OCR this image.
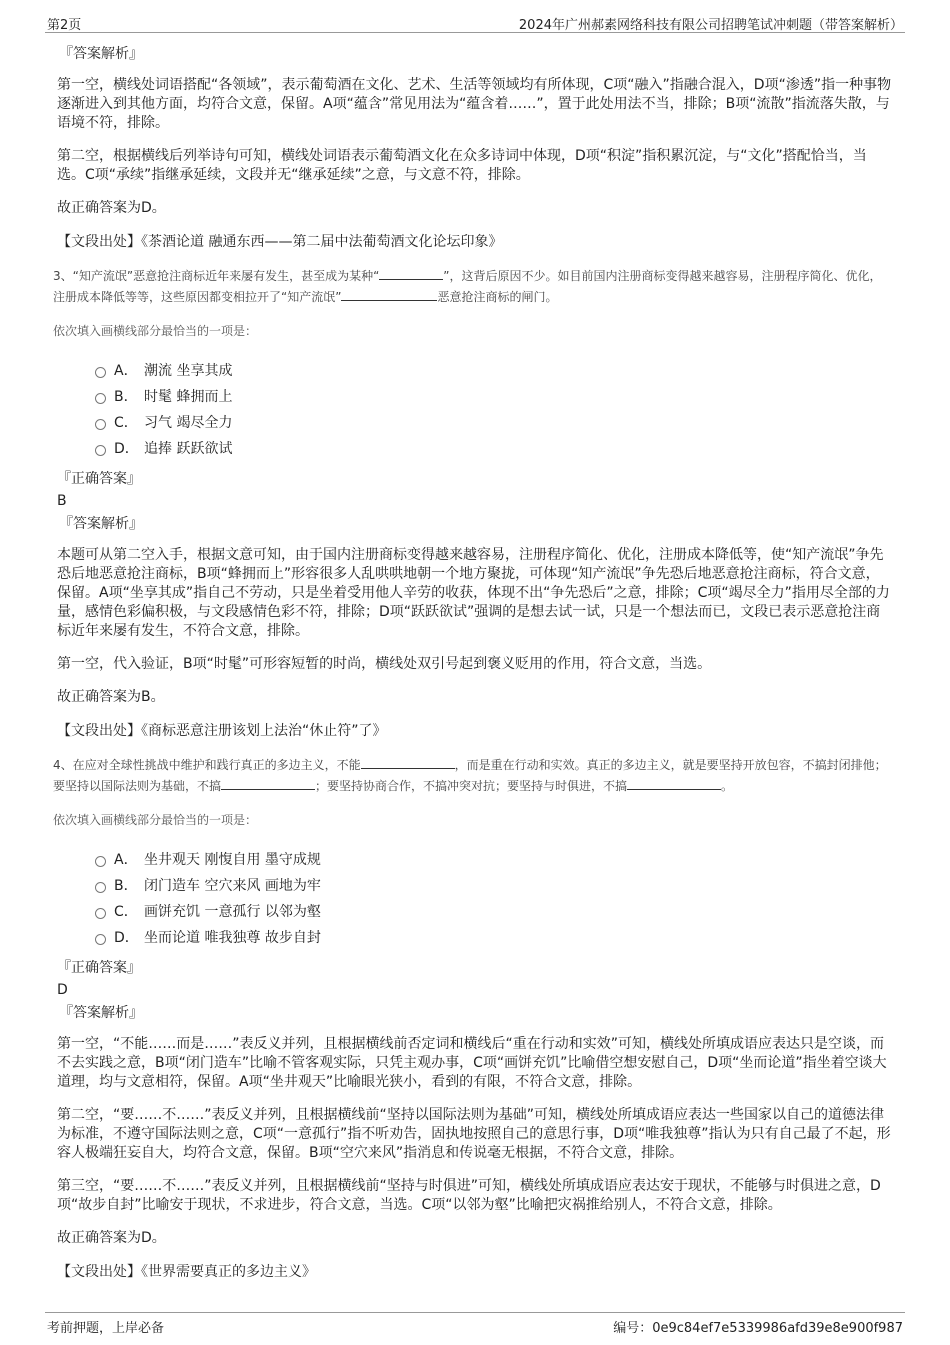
第2页	2024年广州郝素网络科技有限公司招聘笔试冲刺题（带答案解析）
『答案解析』

第一空，横线处词语搭配“各领域”，表示葡萄酒在文化、艺术、生活等领域均有所体现，C项“融入”指融合混入，D项“渗透”指一种事物逐渐进入到其他方面，均符合文意，保留。A项“蕴含”常见用法为“蕴含着……”，置于此处用法不当，排除；B项“流散”指流落失散，与语境不符，排除。

第二空，根据横线后列举诗句可知，横线处词语表示葡萄酒文化在众多诗词中体现，D项“积淀”指积累沉淀，与“文化”搭配恰当，当选。C项“承续”指继承延续，文段并无“继承延续”之意，与文意不符，排除。

故正确答案为D。

【文段出处】《茶酒论道 融通东西——第二届中法葡萄酒文化论坛印象》

3、“知产流氓”恶意抢注商标近年来屡有发生，甚至成为某种“	”，这背后原因不少。如目前国内注册商标变得越来越容易，注册程序简化、优化，注册成本降低等等，这些原因都变相拉开了“知产流氓”	恶意抢注商标的闸门。

依次填入画横线部分最恰当的一项是：

A． 潮流 坐享其成
B． 时髦 蜂拥而上
C． 习气 竭尽全力
D． 追捧 跃跃欲试
『正确答案』
B
『答案解析』

本题可从第二空入手，根据文意可知，由于国内注册商标变得越来越容易，注册程序简化、优化，注册成本降低等，使“知产流氓”争先恐后地恶意抢注商标，B项“蜂拥而上”形容很多人乱哄哄地朝一个地方聚拢，可体现“知产流氓”争先恐后地恶意抢注商标，符合文意，保留。A项“坐享其成”指自己不劳动，只是坐着受用他人辛劳的收获，体现不出“争先恐后”之意，排除；C项“竭尽全力”指用尽全部的力量，感情色彩偏积极，与文段感情色彩不符，排除；D项“跃跃欲试”强调的是想去试一试，只是一个想法而已，文段已表示恶意抢注商标近年来屡有发生，不符合文意，排除。

第一空，代入验证，B项“时髦”可形容短暂的时尚，横线处双引号起到褒义贬用的作用，符合文意，当选。

故正确答案为B。

【文段出处】《商标恶意注册该划上法治“休止符”了》

4、在应对全球性挑战中维护和践行真正的多边主义，不能	，而是重在行动和实效。真正的多边主义，就是要坚持开放包容，不搞封闭排他；要坚持以国际法则为基础，不搞	；要坚持协商合作，不搞冲突对抗；要坚持与时俱进，不搞	。

依次填入画横线部分最恰当的一项是：

A． 坐井观天 刚愎自用 墨守成规
B． 闭门造车 空穴来风 画地为牢
C． 画饼充饥 一意孤行 以邻为壑
D． 坐而论道 唯我独尊 故步自封
『正确答案』
D
『答案解析』

第一空，“不能……而是……”表反义并列，且根据横线前否定词和横线后“重在行动和实效”可知，横线处所填成语应表达只是空谈，而不去实践之意，B项“闭门造车”比喻不管客观实际，只凭主观办事，C项“画饼充饥”比喻借空想安慰自己，D项“坐而论道”指坐着空谈大道理，均与文意相符，保留。A项“坐井观天”比喻眼光狭小，看到的有限，不符合文意，排除。

第二空，“要……不……”表反义并列，且根据横线前“坚持以国际法则为基础”可知，横线处所填成语应表达一些国家以自己的道德法律为标准，不遵守国际法则之意，C项“一意孤行”指不听劝告，固执地按照自己的意思行事，D项“唯我独尊”指认为只有自己最了不起，形容人极端狂妄自大，均符合文意，保留。B项“空穴来风”指消息和传说毫无根据，不符合文意，排除。

第三空，“要……不……”表反义并列，且根据横线前“坚持与时俱进”可知，横线处所填成语应表达安于现状，不能够与时俱进之意，D项“故步自封”比喻安于现状，不求进步，符合文意，当选。C项“以邻为壑”比喻把灾祸推给别人，不符合文意，排除。

故正确答案为D。

【文段出处】《世界需要真正的多边主义》

考前押题，上岸必备	编号：0e9c84ef7e5339986afd39e8e900f987
